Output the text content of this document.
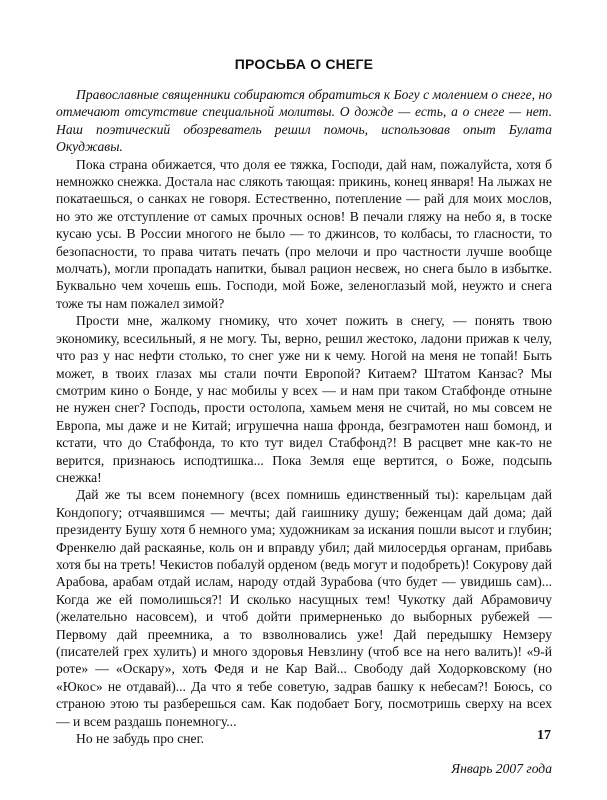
ПРОСЬБА О СНЕГЕ

Православные священники собираются обратиться к Богу с молением о снеге, но отмечают отсутствие специальной молитвы. О дожде — есть, а о снеге — нет. Наш поэтический обозреватель решил помочь, использовав опыт Булата Окуджавы.

Пока страна обижается, что доля ее тяжка, Господи, дай нам, пожалуйста, хотя б немножко снежка. Достала нас слякоть тающая: прикинь, конец января! На лыжах не покатаешься, о санках не говоря. Естественно, потепление — рай для моих мослов, но это же отступление от самых прочных основ! В печали гляжу на небо я, в тоске кусаю усы. В России многого не было — то джинсов, то колбасы, то гласности, то безопасности, то права читать печать (про мелочи и про частности лучше вообще молчать), могли пропадать напитки, бывал рацион несвеж, но снега было в избытке. Буквально чем хочешь ешь. Господи, мой Боже, зеленоглазый мой, неужто и снега тоже ты нам пожалел зимой?

Прости мне, жалкому гномику, что хочет пожить в снегу, — понять твою экономику, всесильный, я не могу. Ты, верно, решил жестоко, ладони прижав к челу, что раз у нас нефти столько, то снег уже ни к чему. Ногой на меня не топай! Быть может, в твоих глазах мы стали почти Европой? Китаем? Штатом Канзас? Мы смотрим кино о Бонде, у нас мобилы у всех — и нам при таком Стабфонде отныне не нужен снег? Господь, прости остолопа, хамьем меня не считай, но мы совсем не Европа, мы даже и не Китай; игрушечна наша фронда, безграмотен наш бомонд, и кстати, что до Стабфонда, то кто тут видел Стабфонд?! В расцвет мне как-то не верится, признаюсь исподтишка... Пока Земля еще вертится, о Боже, подсыпь снежка!

Дай же ты всем понемногу (всех помнишь единственный ты): карельцам дай Кондопогу; отчаявшимся — мечты; дай гаишнику душу; беженцам дай дома; дай президенту Бушу хотя б немного ума; художникам за искания пошли высот и глубин; Френкелю дай раскаянье, коль он и вправду убил; дай милосердья органам, прибавь хотя бы на треть! Чекистов побалуй орденом (ведь могут и подобреть)! Сокурову дай Арабова, арабам отдай ислам, народу отдай Зурабова (что будет — увидишь сам)... Когда же ей помолишься?! И сколько насущных тем! Чукотку дай Абрамовичу (желательно насовсем), и чтоб дойти примерненько до выборных рубежей — Первому дай преемника, а то взволновались уже! Дай передышку Немзеру (писателей грех хулить) и много здоровья Невзлину (чтоб все на него валить)! «9-й роте» — «Оскару», хоть Федя и не Кар Вай... Свободу дай Ходорковскому (но «Юкос» не отдавай)... Да что я тебе советую, задрав башку к небесам?! Боюсь, со страною этою ты разберешься сам. Как подобает Богу, посмотришь сверху на всех — и всем раздашь понемногу...

Но не забудь про снег.

Январь 2007 года

17
